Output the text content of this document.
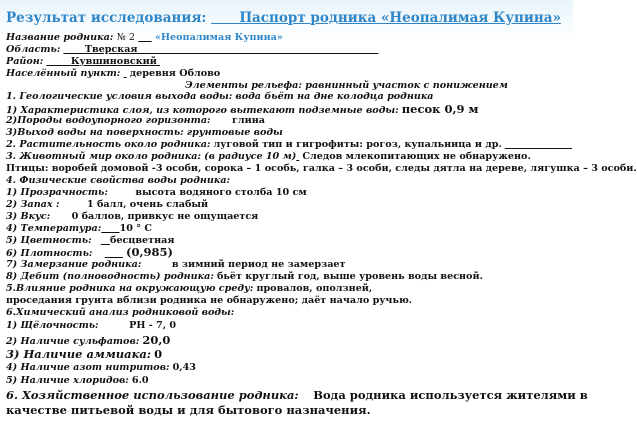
Результат исследования: Паспорт родника «Неопалимая Купина»
Название родника: № 2 «Неопалимая Купина»
Область:	Тверская
Район:	Кувшиновский
Населённый пункт:   деревня Облово
Элементы рельефа: равнинный участок с понижением
1. Геологические условия выхода воды: вода бьёт на дне колодца родника
1) Характеристика слоя, из которого вытекают подземные воды: песок 0,9 м
2)Породы водоупорного горизонта: глина
3)Выход воды на поверхность: грунтовые воды
2. Растительность около родника: луговой тип и гигрофиты: рогоз, купальница и др.
3. Животный мир около родника: (в радиусе 10 м) Следов млекопитающих не обнаружено.
Птицы: воробей домовой -3 особи, сорока – 1 особь, галка – 3 особи, следы дятла на дереве, лягушка – 3 особи.
4. Физические свойства воды родника:
1) Прозрачность:	высота водяного столба 10 см
2) Запах :	1 балл, очень слабый
3) Вкус: 0 баллов, привкус не ощущается
4) Температура: 10 ° С
5) Цветность: бесцветная
6) Плотность:	(0,985)
7) Замерзание родника:	в зимний период не замерзает
8) Дебит (полноводность) родника: бьёт круглый год, выше уровень воды весной.
5.Влияние родника на окружающую среду: провалов, оползней,
проседания грунта вблизи родника не обнаружено; даёт начало ручью.
6.Химический анализ родниковой воды:
1) Щёлочность:	PH - 7, 0
2) Наличие сульфатов: 20,0
3) Наличие аммиака: 0
4) Наличие азот нитритов: 0,43
5) Наличие хлоридов: 6.0
6. Хозяйственное использование родника: Вода родника используется жителями в
качестве питьевой воды и для бытового назначения.
